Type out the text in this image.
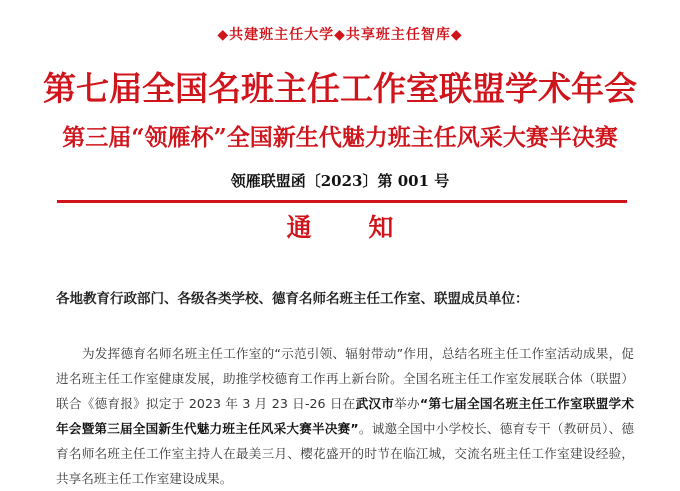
◆共建班主任大学◆共享班主任智库◆
第七届全国名班主任工作室联盟学术年会
第三届“领雁杯”全国新生代魅力班主任风采大赛半决赛
领雁联盟函〔2023〕第 001 号
通 知
各地教育行政部门、各级各类学校、德育名师名班主任工作室、联盟成员单位：
为发挥德育名师名班主任工作室的“示范引领、辐射带动”作用，总结名班主任工作室活动成果，促进名班主任工作室健康发展，助推学校德育工作再上新台阶。全国名班主任工作室发展联合体（联盟）联合《德育报》拟定于 2023 年 3 月 23 日-26 日在武汉市举办“第七届全国名班主任工作室联盟学术年会暨第三届全国新生代魅力班主任风采大赛半决赛”。诚邀全国中小学校长、德育专干（教研员）、德育名师名班主任工作室主持人在最美三月、樱花盛开的时节在临江城，交流名班主任工作室建设经验，共享名班主任工作室建设成果。
